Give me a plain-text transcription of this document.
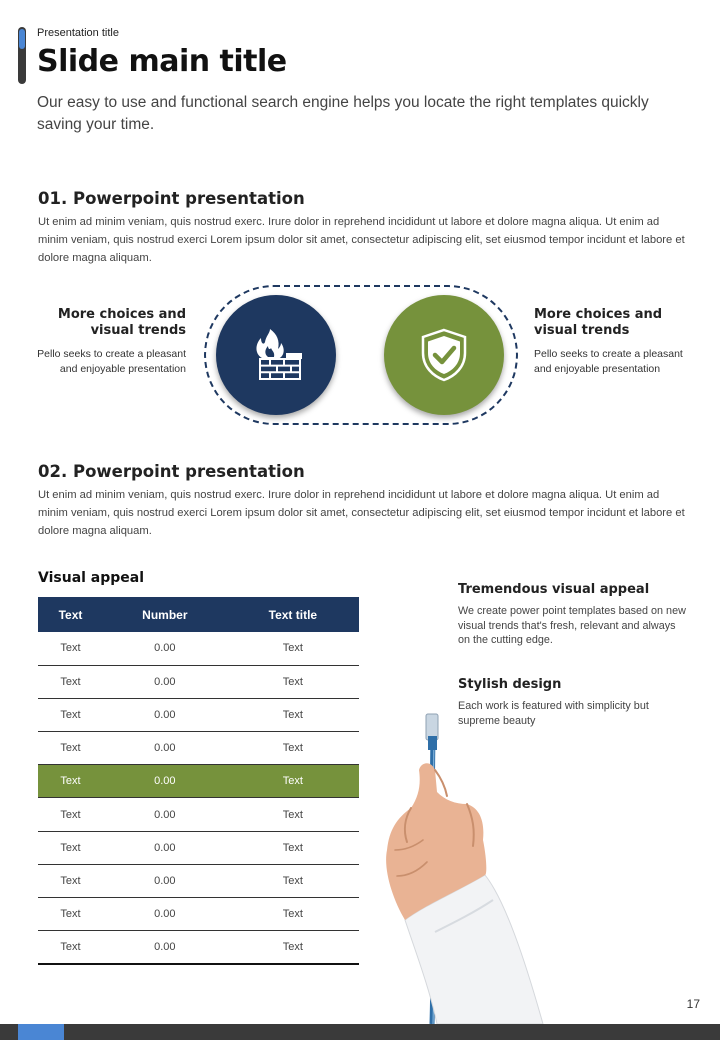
Presentation title
Slide main title
Our easy to use and functional search engine helps you locate the right templates quickly saving your time.
01. Powerpoint presentation
Ut enim ad minim veniam, quis nostrud exerc. Irure dolor in reprehend incididunt ut labore et dolore magna aliqua. Ut enim ad minim veniam, quis nostrud exerci Lorem ipsum dolor sit amet, consectetur adipiscing elit, set eiusmod tempor incidunt et labore et dolore magna aliquam.
More choices and visual trends
Pello seeks to create a pleasant and enjoyable presentation
More choices and visual trends
Pello seeks to create a pleasant and enjoyable presentation
02. Powerpoint presentation
Ut enim ad minim veniam, quis nostrud exerc. Irure dolor in reprehend incididunt ut labore et dolore magna aliqua. Ut enim ad minim veniam, quis nostrud exerci Lorem ipsum dolor sit amet, consectetur adipiscing elit, set eiusmod tempor incidunt et labore et dolore magna aliquam.
Visual appeal
Text	Number	Text title
Text	0.00	Text
Text	0.00	Text
Text	0.00	Text
Text	0.00	Text
Text	0.00	Text
Text	0.00	Text
Text	0.00	Text
Text	0.00	Text
Text	0.00	Text
Text	0.00	Text
Tremendous visual appeal
We create power point templates based on new visual trends that's fresh, relevant and always on the cutting edge.
Stylish design
Each work is featured with simplicity but supreme beauty
17
